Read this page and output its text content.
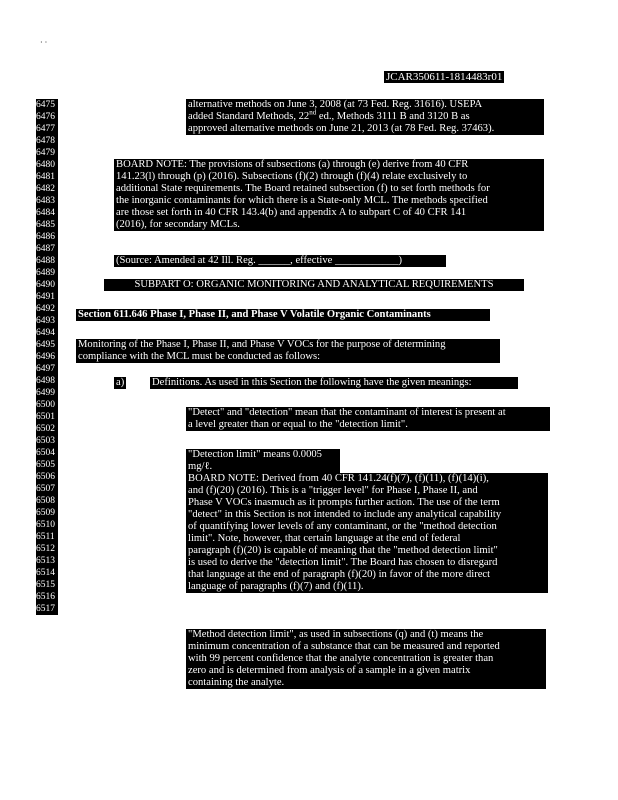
· ·
JCAR350611-1814483r01
6475
6476
6477
6478
6479
6480
6481
6482
6483
6484
6485
6486
6487
6488
6489
6490
6491
6492
6493
6494
6495
6496
6497
6498
6499
6500
6501
6502
6503
6504
6505
6506
6507
6508
6509
6510
6511
6512
6513
6514
6515
6516
6517

alternative methods on June 3, 2008 (at 73 Fed. Reg. 31616). USEPA

added Standard Methods, 22nd ed., Methods 3111 B and 3120 B as

approved alternative methods on June 21, 2013 (at 78 Fed. Reg. 37463).

BOARD NOTE: The provisions of subsections (a) through (e) derive from 40 CFR

141.23(l) through (p) (2016). Subsections (f)(2) through (f)(4) relate exclusively to

additional State requirements. The Board retained subsection (f) to set forth methods for

the inorganic contaminants for which there is a State-only MCL. The methods specified

are those set forth in 40 CFR 143.4(b) and appendix A to subpart C of 40 CFR 141

(2016), for secondary MCLs.

(Source: Amended at 42 Ill. Reg. ______, effective ____________)

SUBPART O: ORGANIC MONITORING AND ANALYTICAL REQUIREMENTS

Section 611.646 Phase I, Phase II, and Phase V Volatile Organic Contaminants

Monitoring of the Phase I, Phase II, and Phase V VOCs for the purpose of determining

compliance with the MCL must be conducted as follows:

a)	Definitions. As used in this Section the following have the given meanings:

"Detect" and "detection" mean that the contaminant of interest is present at

a level greater than or equal to the "detection limit".

"Detection limit" means 0.0005 mg/ℓ.

BOARD NOTE: Derived from 40 CFR 141.24(f)(7), (f)(11), (f)(14)(i),

and (f)(20) (2016). This is a "trigger level" for Phase I, Phase II, and

Phase V VOCs inasmuch as it prompts further action. The use of the term

"detect" in this Section is not intended to include any analytical capability

of quantifying lower levels of any contaminant, or the "method detection

limit". Note, however, that certain language at the end of federal

paragraph (f)(20) is capable of meaning that the "method detection limit"

is used to derive the "detection limit". The Board has chosen to disregard

that language at the end of paragraph (f)(20) in favor of the more direct

language of paragraphs (f)(7) and (f)(11).

"Method detection limit", as used in subsections (q) and (t) means the

minimum concentration of a substance that can be measured and reported

with 99 percent confidence that the analyte concentration is greater than

zero and is determined from analysis of a sample in a given matrix

containing the analyte.
